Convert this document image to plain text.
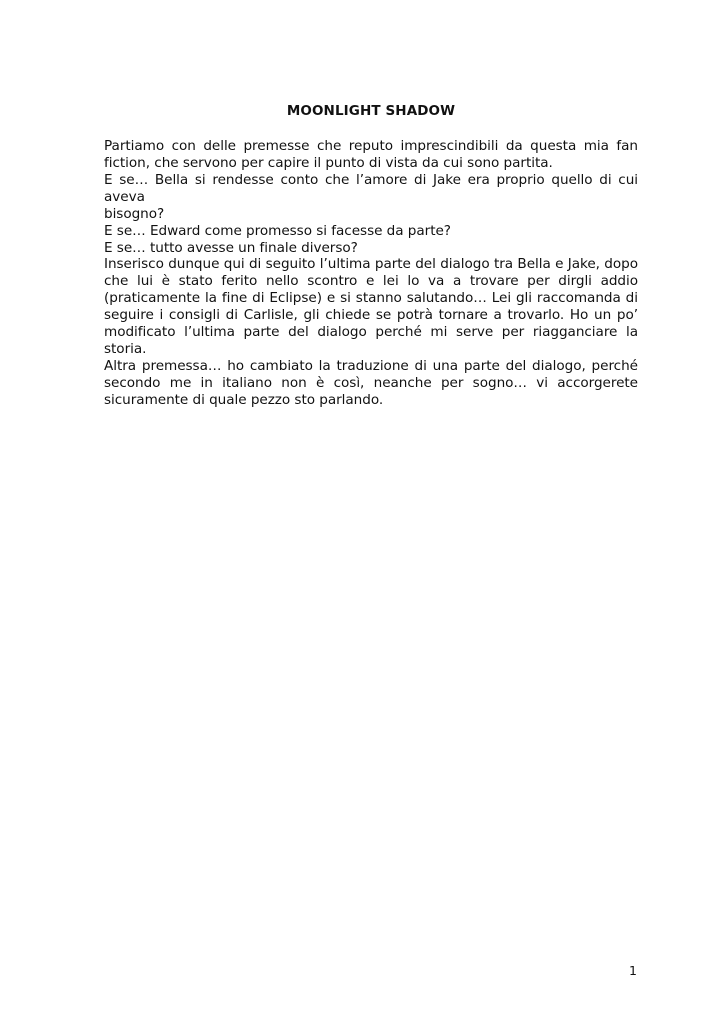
MOONLIGHT SHADOW

Partiamo con delle premesse che reputo imprescindibili da questa mia fan

fiction, che servono per capire il punto di vista da cui sono partita.

E se… Bella si rendesse conto che l’amore di Jake era proprio quello di cui aveva

bisogno?

E se… Edward come promesso si facesse da parte?

E se… tutto avesse un finale diverso?

Inserisco dunque qui di seguito l’ultima parte del dialogo tra Bella e Jake, dopo

che lui è stato ferito nello scontro e lei lo va a trovare per dirgli addio

(praticamente la fine di Eclipse) e si stanno salutando… Lei gli raccomanda di

seguire i consigli di Carlisle, gli chiede se potrà tornare a trovarlo. Ho un po’

modificato l’ultima parte del dialogo perché mi serve per riagganciare la storia.

Altra premessa… ho cambiato la traduzione di una parte del dialogo, perché

secondo me in italiano non è così, neanche per sogno… vi accorgerete

sicuramente di quale pezzo sto parlando.

1
